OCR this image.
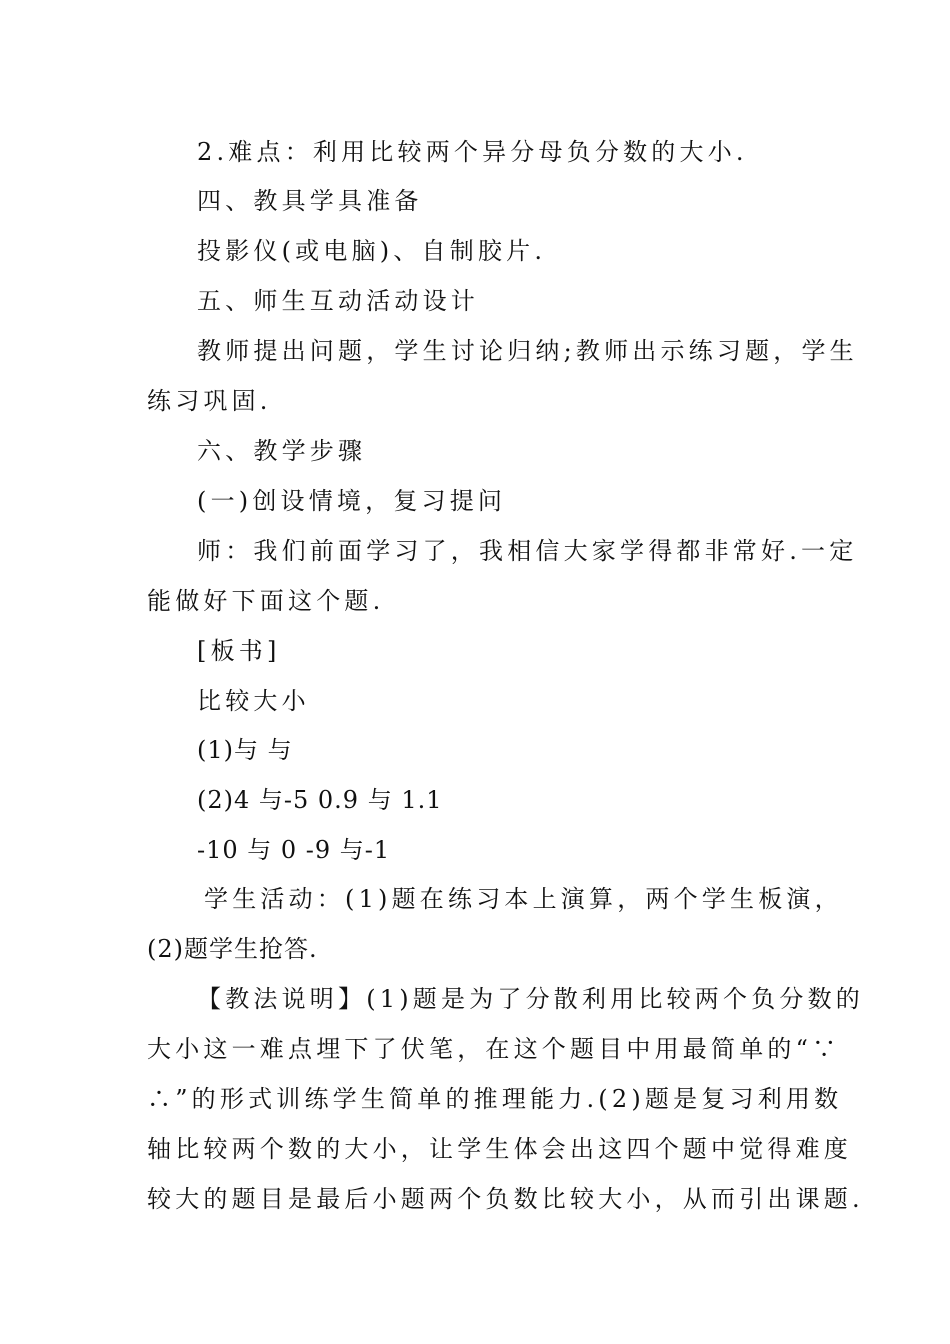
2.难点：利用比较两个异分母负分数的大小.
四、教具学具准备
投影仪(或电脑)、自制胶片.
五、师生互动活动设计
教师提出问题，学生讨论归纳;教师出示练习题，学生
练习巩固.
六、教学步骤
(一)创设情境，复习提问
师：我们前面学习了，我相信大家学得都非常好.一定
能做好下面这个题.
[板书]
比较大小
(1)与 与
(2)4 与-5 0.9 与 1.1
-10 与 0 -9 与-1
学生活动：(1)题在练习本上演算，两个学生板演，
(2)题学生抢答.
【教法说明】(1)题是为了分散利用比较两个负分数的
大小这一难点埋下了伏笔，在这个题目中用最简单的“∵
∴”的形式训练学生简单的推理能力.(2)题是复习利用数
轴比较两个数的大小，让学生体会出这四个题中觉得难度
较大的题目是最后小题两个负数比较大小，从而引出课题.
